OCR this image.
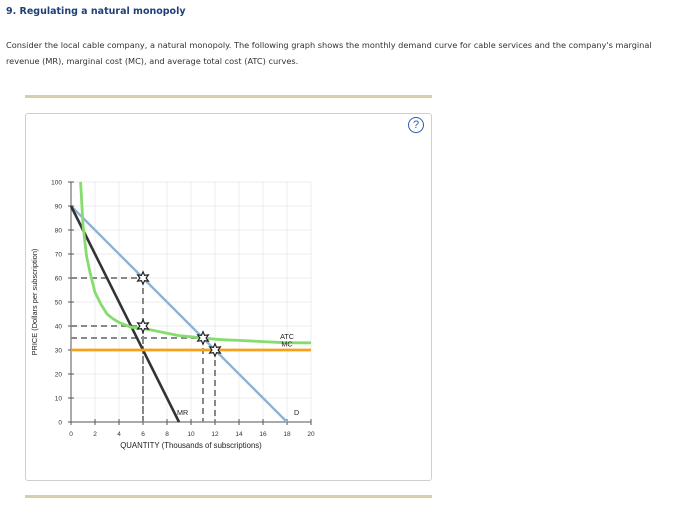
9. Regulating a natural monopoly
Consider the local cable company, a natural monopoly. The following graph shows the monthly demand curve for cable services and the company's marginal revenue (MR), marginal cost (MC), and average total cost (ATC) curves.
0
10
20
30
40
50
60
70
80
90
100
0	2	4	6	8	10	12	14	16	18	20
QUANTITY (Thousands of subscriptions)
PRICE (Dollars per subscription)	ATC
MC
MR	D
?
